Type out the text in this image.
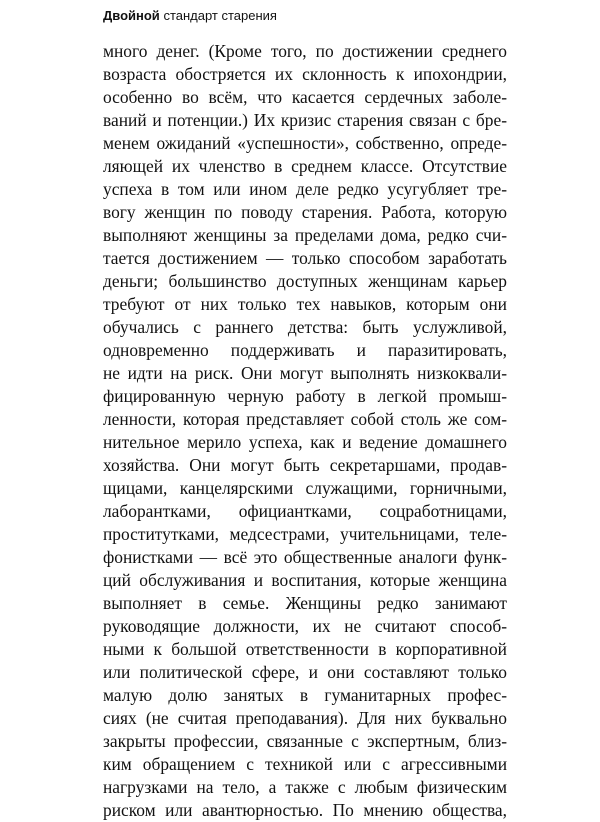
Двойной стандарт старения
много денег. (Кроме того, по достижении среднего
возраста обостряется их склонность к ипохондрии,
особенно во всём, что касается сердечных заболе-
ваний и потенции.) Их кризис старения связан с бре-
менем ожиданий «успешности», собственно, опреде-
ляющей их членство в среднем классе. Отсутствие
успеха в том или ином деле редко усугубляет тре-
вогу женщин по поводу старения. Работа, которую
выполняют женщины за пределами дома, редко счи-
тается достижением — только способом заработать
деньги; большинство доступных женщинам карьер
требуют от них только тех навыков, которым они
обучались с раннего детства: быть услужливой,
одновременно поддерживать и паразитировать,
не идти на риск. Они могут выполнять низкоквали-
фицированную черную работу в легкой промыш-
ленности, которая представляет собой столь же сом-
нительное мерило успеха, как и ведение домашнего
хозяйства. Они могут быть секретаршами, продав-
щицами, канцелярскими служащими, горничными,
лаборантками, официантками, соцработницами,
проститутками, медсестрами, учительницами, теле-
фонистками — всё это общественные аналоги функ-
ций обслуживания и воспитания, которые женщина
выполняет в семье. Женщины редко занимают
руководящие должности, их не считают способ-
ными к большой ответственности в корпоративной
или политической сфере, и они составляют только
малую долю занятых в гуманитарных профес-
сиях (не считая преподавания). Для них буквально
закрыты профессии, связанные с экспертным, близ-
ким обращением с техникой или с агрессивными
нагрузками на тело, а также с любым физическим
риском или авантюрностью. По мнению общества,
